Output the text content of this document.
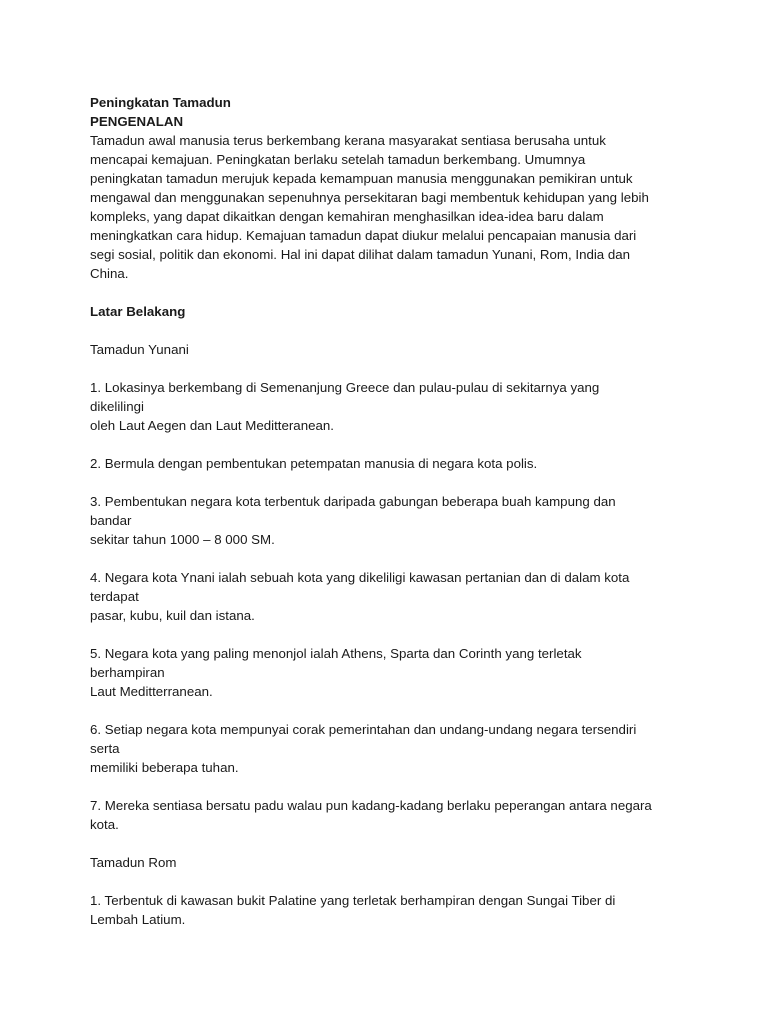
Peningkatan Tamadun
PENGENALAN
Tamadun awal manusia terus berkembang kerana masyarakat sentiasa berusaha untuk
mencapai kemajuan. Peningkatan berlaku setelah tamadun berkembang. Umumnya
peningkatan tamadun merujuk kepada kemampuan manusia menggunakan pemikiran untuk
mengawal dan menggunakan sepenuhnya persekitaran bagi membentuk kehidupan yang lebih
kompleks, yang dapat dikaitkan dengan kemahiran menghasilkan idea-idea baru dalam
meningkatkan cara hidup. Kemajuan tamadun dapat diukur melalui pencapaian manusia dari
segi sosial, politik dan ekonomi. Hal ini dapat dilihat dalam tamadun Yunani, Rom, India dan
China.
Latar Belakang
Tamadun Yunani
1. Lokasinya berkembang di Semenanjung Greece dan pulau-pulau di sekitarnya yang
dikelilingi
oleh Laut Aegen dan Laut Meditteranean.
2. Bermula dengan pembentukan petempatan manusia di negara kota polis.
3. Pembentukan negara kota terbentuk daripada gabungan beberapa buah kampung dan
bandar
sekitar tahun 1000 – 8 000 SM.
4. Negara kota Ynani ialah sebuah kota yang dikeliligi kawasan pertanian dan di dalam kota
terdapat
pasar, kubu, kuil dan istana.
5. Negara kota yang paling menonjol ialah Athens, Sparta dan Corinth yang terletak
berhampiran
Laut Meditterranean.
6. Setiap negara kota mempunyai corak pemerintahan dan undang-undang negara tersendiri
serta
memiliki beberapa tuhan.
7. Mereka sentiasa bersatu padu walau pun kadang-kadang berlaku peperangan antara negara
kota.
Tamadun Rom
1. Terbentuk di kawasan bukit Palatine yang terletak berhampiran dengan Sungai Tiber di
Lembah Latium.
